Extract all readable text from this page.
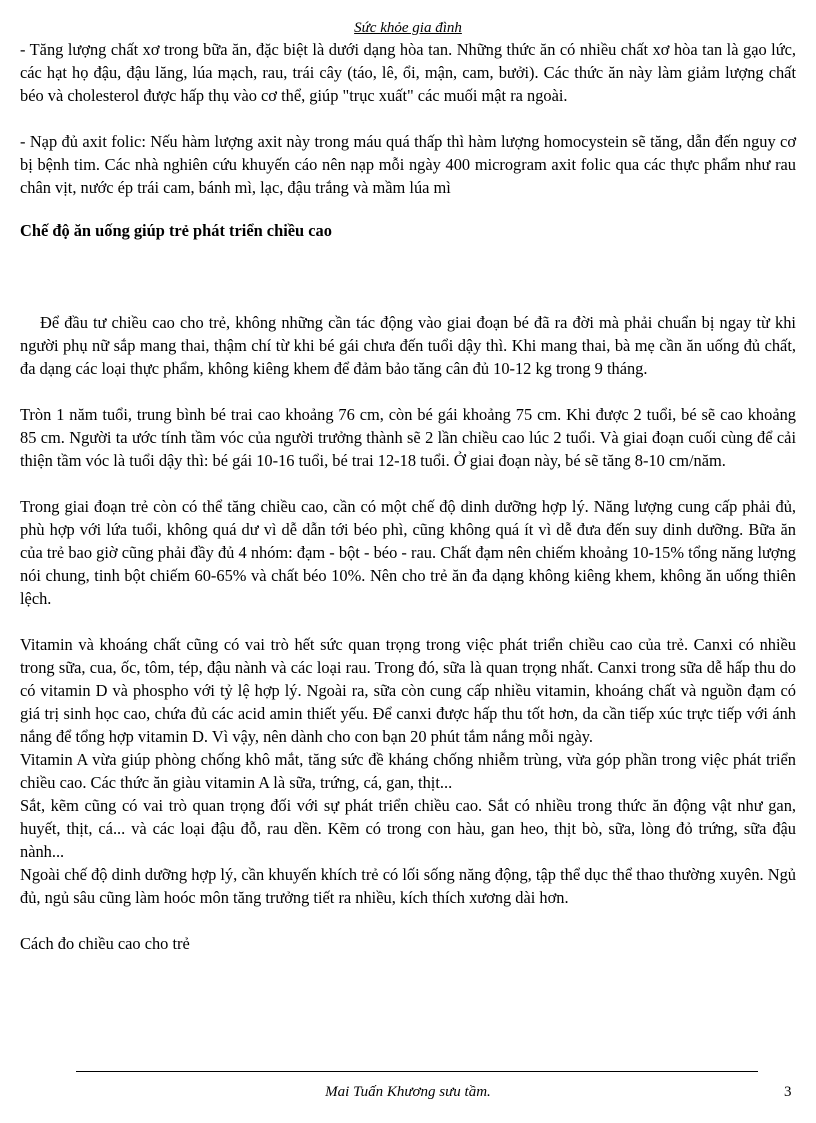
Sức khỏe gia đình

- Tăng lượng chất xơ trong bữa ăn, đặc biệt là dưới dạng hòa tan. Những thức ăn có nhiều chất xơ hòa tan là gạo lức, các hạt họ đậu, đậu lăng, lúa mạch, rau, trái cây (táo, lê, ổi, mận, cam, bưởi). Các thức ăn này làm giảm lượng chất béo và cholesterol được hấp thụ vào cơ thể, giúp "trục xuất" các muối mật ra ngoài.

- Nạp đủ axit folic: Nếu hàm lượng axit này trong máu quá thấp thì hàm lượng homocystein sẽ tăng, dẫn đến nguy cơ bị bệnh tim. Các nhà nghiên cứu khuyến cáo nên nạp mỗi ngày 400 microgram axit folic qua các thực phẩm như rau chân vịt, nước ép trái cam, bánh mì, lạc, đậu trắng và mầm lúa mì

Chế độ ăn uống giúp trẻ phát triển chiều cao

Để đầu tư chiều cao cho trẻ, không những cần tác động vào giai đoạn bé đã ra đời mà phải chuẩn bị ngay từ khi người phụ nữ sắp mang thai, thậm chí từ khi bé gái chưa đến tuổi dậy thì. Khi mang thai, bà mẹ cần ăn uống đủ chất, đa dạng các loại thực phẩm, không kiêng khem để đảm bảo tăng cân đủ 10-12 kg trong 9 tháng.

Tròn 1 năm tuổi, trung bình bé trai cao khoảng 76 cm, còn bé gái khoảng 75 cm. Khi được 2 tuổi, bé sẽ cao khoảng 85 cm. Người ta ước tính tầm vóc của người trưởng thành sẽ 2 lần chiều cao lúc 2 tuổi. Và giai đoạn cuối cùng để cải thiện tầm vóc là tuổi dậy thì: bé gái 10-16 tuổi, bé trai 12-18 tuổi. Ở giai đoạn này, bé sẽ tăng 8-10 cm/năm.

Trong giai đoạn trẻ còn có thể tăng chiều cao, cần có một chế độ dinh dưỡng hợp lý. Năng lượng cung cấp phải đủ, phù hợp với lứa tuổi, không quá dư vì dễ dẫn tới béo phì, cũng không quá ít vì dễ đưa đến suy dinh dưỡng. Bữa ăn của trẻ bao giờ cũng phải đầy đủ 4 nhóm: đạm - bột - béo - rau. Chất đạm nên chiếm khoảng 10-15% tổng năng lượng nói chung, tinh bột chiếm 60-65% và chất béo 10%. Nên cho trẻ ăn đa dạng không kiêng khem, không ăn uống thiên lệch.

Vitamin và khoáng chất cũng có vai trò hết sức quan trọng trong việc phát triển chiều cao của trẻ. Canxi có nhiều trong sữa, cua, ốc, tôm, tép, đậu nành và các loại rau. Trong đó, sữa là quan trọng nhất. Canxi trong sữa dễ hấp thu do có vitamin D và phospho với tỷ lệ hợp lý. Ngoài ra, sữa còn cung cấp nhiều vitamin, khoáng chất và nguồn đạm có giá trị sinh học cao, chứa đủ các acid amin thiết yếu. Để canxi được hấp thu tốt hơn, da cần tiếp xúc trực tiếp với ánh nắng để tổng hợp vitamin D. Vì vậy, nên dành cho con bạn 20 phút tắm nắng mỗi ngày.

Vitamin A vừa giúp phòng chống khô mắt, tăng sức đề kháng chống nhiễm trùng, vừa góp phần trong việc phát triển chiều cao. Các thức ăn giàu vitamin A là sữa, trứng, cá, gan, thịt...

Sắt, kẽm cũng có vai trò quan trọng đối với sự phát triển chiều cao. Sắt có nhiều trong thức ăn động vật như gan, huyết, thịt, cá... và các loại đậu đỗ, rau dền. Kẽm có trong con hàu, gan heo, thịt bò, sữa, lòng đỏ trứng, sữa đậu nành...

Ngoài chế độ dinh dưỡng hợp lý, cần khuyến khích trẻ có lối sống năng động, tập thể dục thể thao thường xuyên. Ngủ đủ, ngủ sâu cũng làm hoóc môn tăng trưởng tiết ra nhiều, kích thích xương dài hơn.

Cách đo chiều cao cho trẻ

Mai Tuấn Khương sưu tầm.	3
